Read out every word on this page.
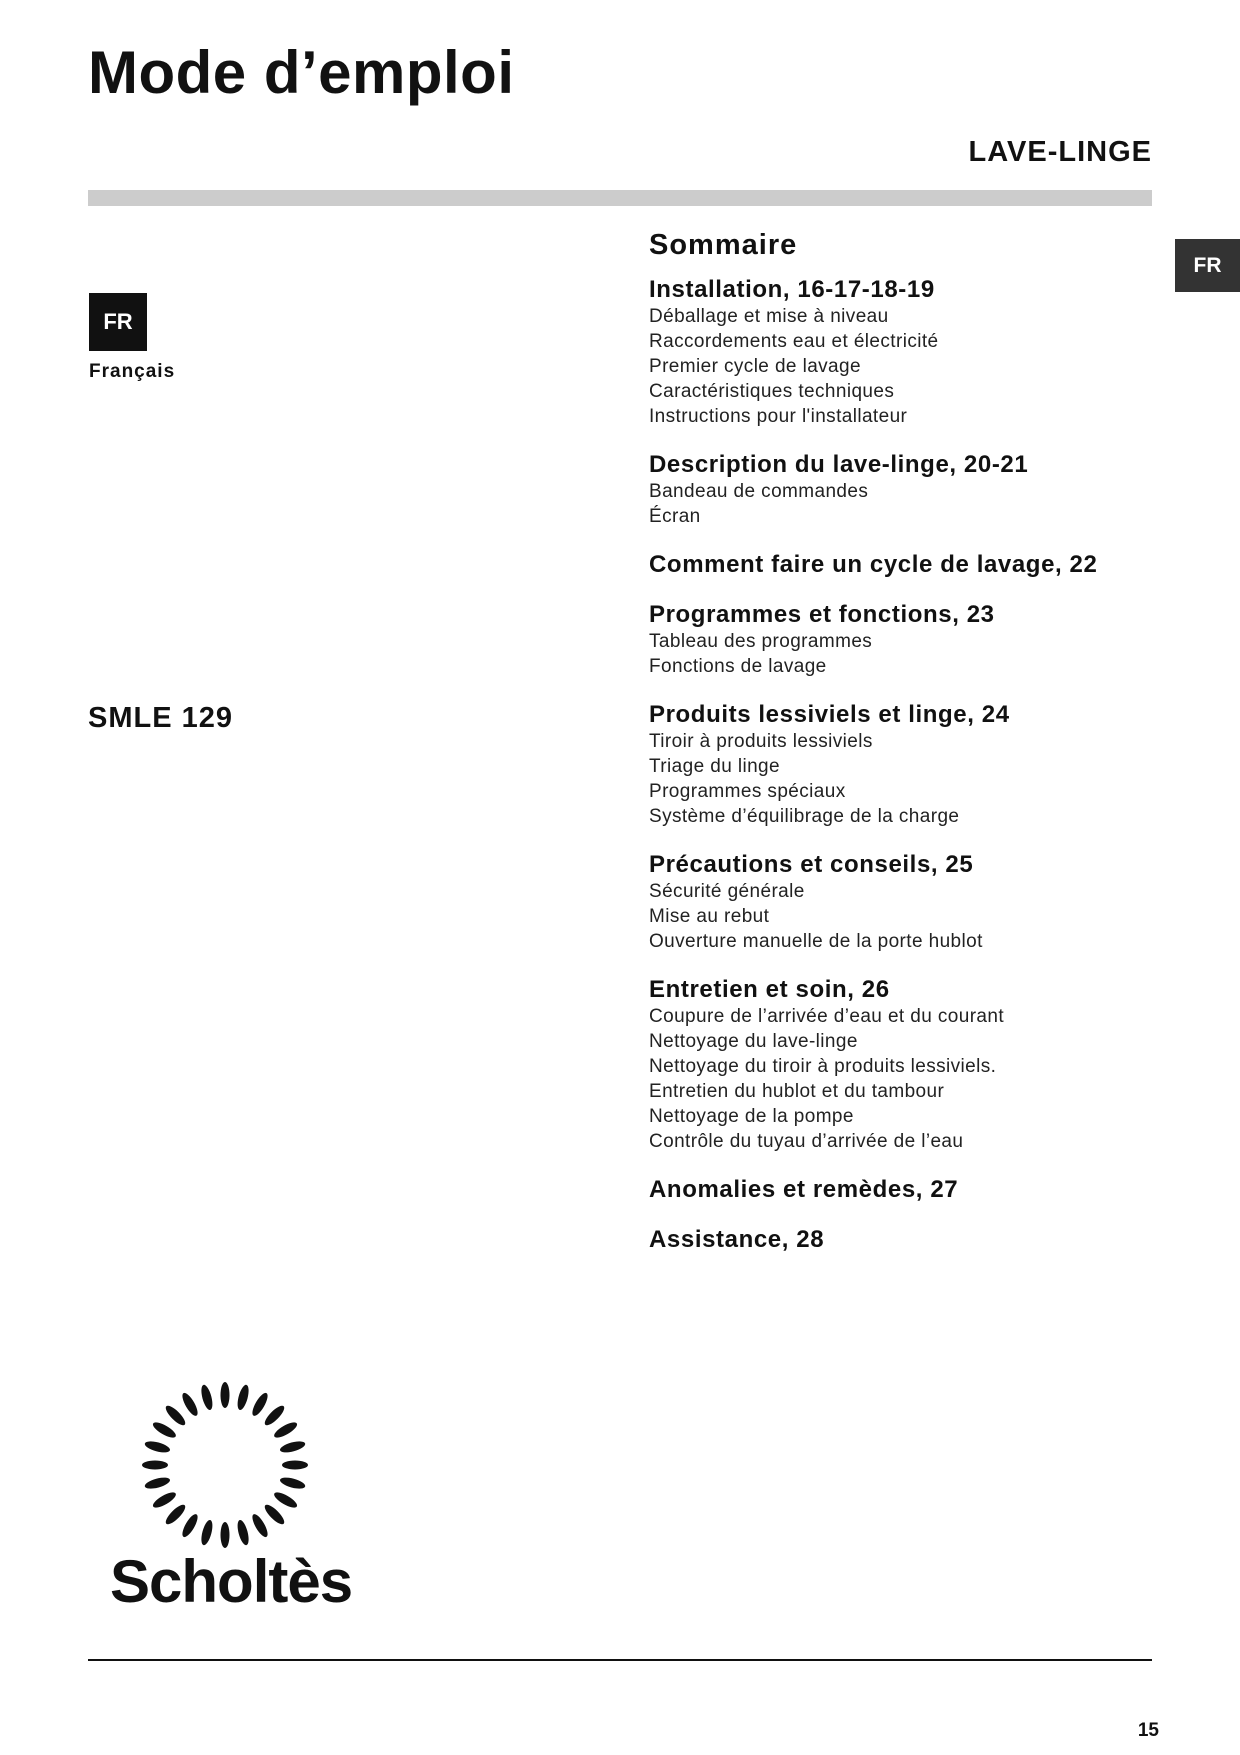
Mode d’emploi
LAVE-LINGE
FR
FR
Français
SMLE 129
Sommaire
Installation, 16-17-18-19
Déballage et mise à niveau
Raccordements eau et électricité
Premier cycle de lavage
Caractéristiques techniques
Instructions pour l'installateur
Description du lave-linge, 20-21
Bandeau de commandes
Écran
Comment faire un cycle de lavage, 22
Programmes et fonctions, 23
Tableau des programmes
Fonctions de lavage
Produits lessiviels et linge, 24
Tiroir à produits lessiviels
Triage du linge
Programmes spéciaux
Système d’équilibrage de la charge
Précautions et conseils, 25
Sécurité générale
Mise au rebut
Ouverture manuelle de la porte hublot
Entretien et soin, 26
Coupure de l’arrivée d’eau et du courant
Nettoyage du lave-linge
Nettoyage du tiroir à produits lessiviels.
Entretien du hublot et du tambour
Nettoyage de la pompe
Contrôle du tuyau d’arrivée de l’eau
Anomalies et remèdes, 27
Assistance, 28
Scholtès
15
